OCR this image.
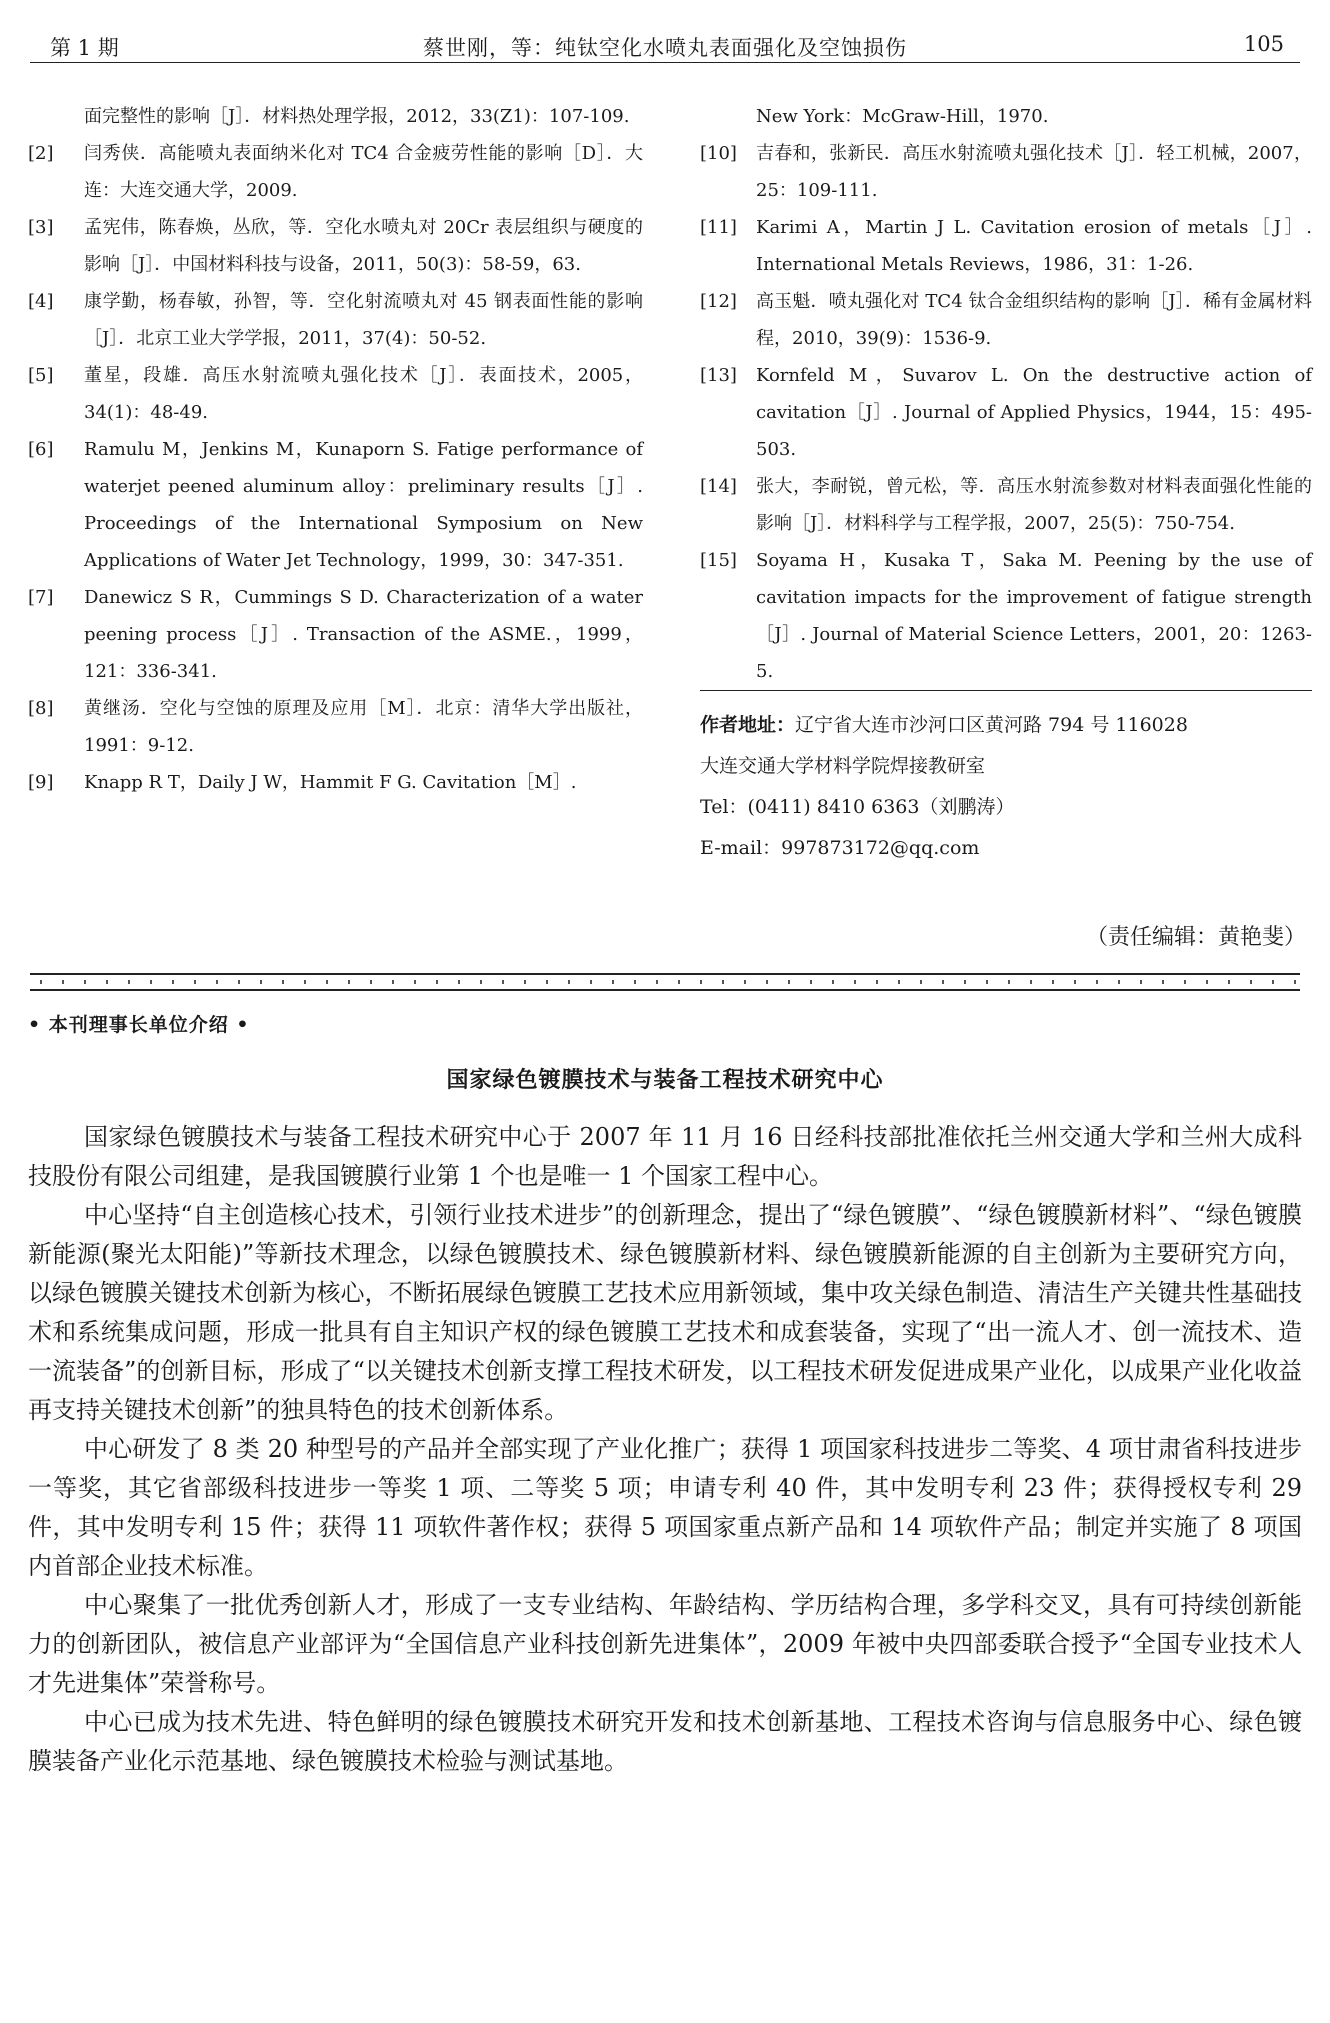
第 1 期	蔡世刚，等：纯钛空化水喷丸表面强化及空蚀损伤	105
面完整性的影响［J］．材料热处理学报，2012，33(Z1)：107-109.
[2] 闫秀侠．高能喷丸表面纳米化对 TC4 合金疲劳性能的影响［D］．大连：大连交通大学，2009.
[3] 孟宪伟，陈春焕，丛欣，等．空化水喷丸对 20Cr 表层组织与硬度的影响［J］．中国材料科技与设备，2011，50(3)：58-59，63.
[4] 康学勤，杨春敏，孙智，等．空化射流喷丸对 45 钢表面性能的影响［J］．北京工业大学学报，2011，37(4)：50-52.
[5] 董星，段雄．高压水射流喷丸强化技术［J］．表面技术，2005，34(1)：48-49.
[6] Ramulu M，Jenkins M，Kunaporn S. Fatige performance of waterjet peened aluminum alloy：preliminary results［J］. Proceedings of the International Symposium on New Applications of Water Jet Technology，1999，30：347-351.
[7] Danewicz S R，Cummings S D. Characterization of a water peening process［J］. Transaction of the ASME.，1999，121：336-341.
[8] 黄继汤．空化与空蚀的原理及应用［M］．北京：清华大学出版社，1991：9-12.
[9] Knapp R T，Daily J W，Hammit F G. Cavitation［M］.
New York：McGraw-Hill，1970.
[10] 吉春和，张新民．高压水射流喷丸强化技术［J］．轻工机械，2007，25：109-111.
[11] Karimi A，Martin J L. Cavitation erosion of metals［J］. International Metals Reviews，1986，31：1-26.
[12] 高玉魁．喷丸强化对 TC4 钛合金组织结构的影响［J］．稀有金属材料程，2010，39(9)：1536-9.
[13] Kornfeld M，Suvarov L. On the destructive action of cavitation［J］. Journal of Applied Physics，1944，15：495-503.
[14] 张大，李耐锐，曾元松，等．高压水射流参数对材料表面强化性能的影响［J］．材料科学与工程学报，2007，25(5)：750-754.
[15] Soyama H，Kusaka T，Saka M. Peening by the use of cavitation impacts for the improvement of fatigue strength［J］. Journal of Material Science Letters，2001，20：1263-5.
作者地址：辽宁省大连市沙河口区黄河路 794 号 116028
大连交通大学材料学院焊接教研室
Tel：(0411) 8410 6363（刘鹏涛）
E-mail：997873172@qq.com
（责任编辑：黄艳斐）
• 本刊理事长单位介绍 •
国家绿色镀膜技术与装备工程技术研究中心

国家绿色镀膜技术与装备工程技术研究中心于 2007 年 11 月 16 日经科技部批准依托兰州交通大学和兰州大成科技股份有限公司组建，是我国镀膜行业第 1 个也是唯一 1 个国家工程中心。

中心坚持“自主创造核心技术，引领行业技术进步”的创新理念，提出了“绿色镀膜”、“绿色镀膜新材料”、“绿色镀膜新能源(聚光太阳能)”等新技术理念，以绿色镀膜技术、绿色镀膜新材料、绿色镀膜新能源的自主创新为主要研究方向，以绿色镀膜关键技术创新为核心，不断拓展绿色镀膜工艺技术应用新领域，集中攻关绿色制造、清洁生产关键共性基础技术和系统集成问题，形成一批具有自主知识产权的绿色镀膜工艺技术和成套装备，实现了“出一流人才、创一流技术、造一流装备”的创新目标，形成了“以关键技术创新支撑工程技术研发，以工程技术研发促进成果产业化，以成果产业化收益再支持关键技术创新”的独具特色的技术创新体系。

中心研发了 8 类 20 种型号的产品并全部实现了产业化推广；获得 1 项国家科技进步二等奖、4 项甘肃省科技进步一等奖，其它省部级科技进步一等奖 1 项、二等奖 5 项；申请专利 40 件，其中发明专利 23 件；获得授权专利 29 件，其中发明专利 15 件；获得 11 项软件著作权；获得 5 项国家重点新产品和 14 项软件产品；制定并实施了 8 项国内首部企业技术标准。

中心聚集了一批优秀创新人才，形成了一支专业结构、年龄结构、学历结构合理，多学科交叉，具有可持续创新能力的创新团队，被信息产业部评为“全国信息产业科技创新先进集体”，2009 年被中央四部委联合授予“全国专业技术人才先进集体”荣誉称号。

中心已成为技术先进、特色鲜明的绿色镀膜技术研究开发和技术创新基地、工程技术咨询与信息服务中心、绿色镀膜装备产业化示范基地、绿色镀膜技术检验与测试基地。
